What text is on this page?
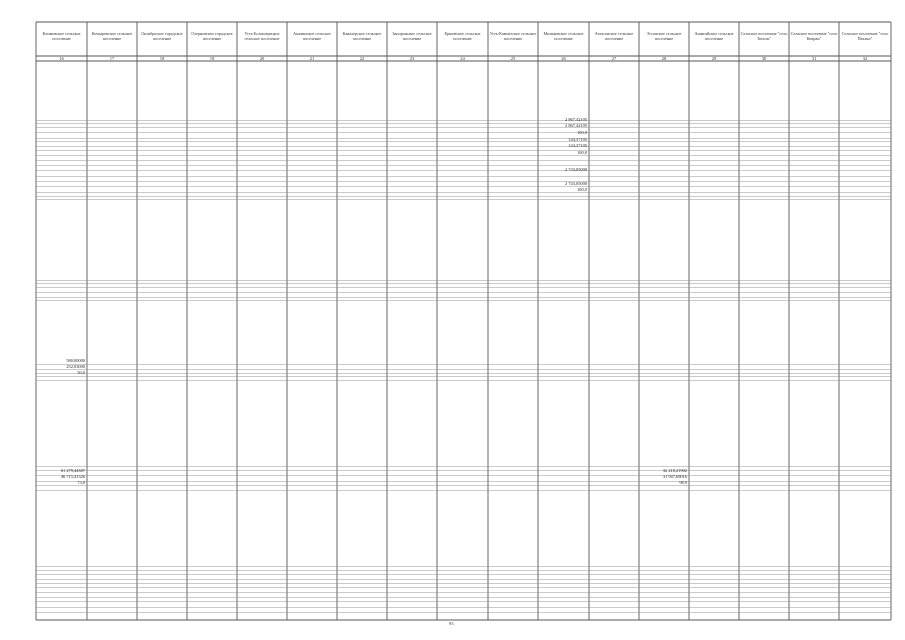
Климовское сельское поселение
16
Кочкаревское сельское поселение
17
Октябрьское городское поселение
18
Озерновское городское поселение
19
Усть-Большерецкое сельское поселение
20
Апачинское сельское поселение
21
Кавалерское сельское поселение
22
Запорожское сельское поселение
23
Ершовское сельское поселение
24
Усть-Камчатское сельское поселение
25
Мильковское сельское поселение
26
Атласовское сельское поселение
27
Эссовское сельское поселение
28
Анавгайское сельское поселение
29
Сельское поселение "село Тигиль"
30
Сельское поселение "село Ковран"
31
Сельское поселение "село Пахачи"
32
2 867,42105
2 867,42105
100,0
144,37105
144,37105
100,0
2 743,05000
2 743,05000
100,0
580,00000
252,03000
50,0
61 279,44387
46 715,41326
73,0
32 218,21902
31 947,69016
98,9
93
